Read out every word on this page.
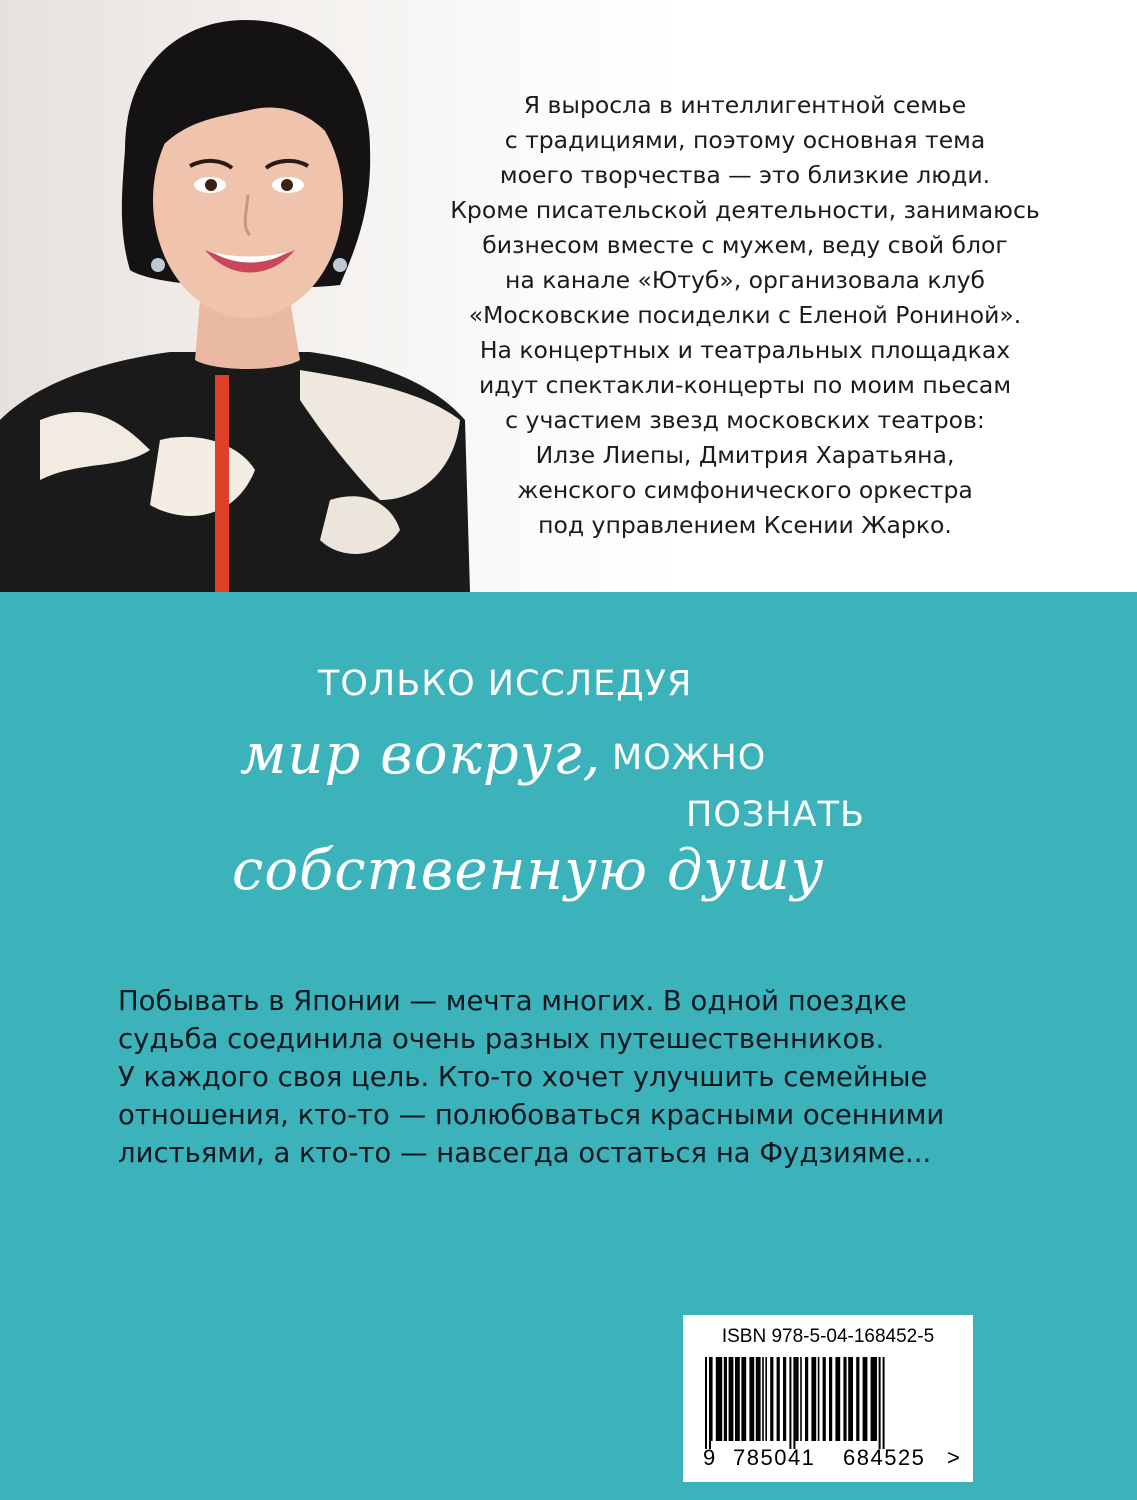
Я выросла в интеллигентной семье
с традициями, поэтому основная тема
моего творчества — это близкие люди.
Кроме писательской деятельности, занимаюсь
бизнесом вместе с мужем, веду свой блог
на канале «Ютуб», организовала клуб
«Московские посиделки с Еленой Рониной».
На концертных и театральных площадках
идут спектакли-концерты по моим пьесам
с участием звезд московских театров:
Илзе Лиепы, Дмитрия Харатьяна,
женского симфонического оркестра
под управлением Ксении Жарко.
ТОЛЬКО ИССЛЕДУЯ
мир вокруг, МОЖНО
ПОЗНАТЬ
собственную душу
Побывать в Японии — мечта многих. В одной поездке
судьба соединила очень разных путешественников.
У каждого своя цель. Кто-то хочет улучшить семейные
отношения, кто-то — полюбоваться красными осенними
листьями, а кто-то — навсегда остаться на Фудзияме...
ISBN 978-5-04-168452-5
9 785041 684525 >
